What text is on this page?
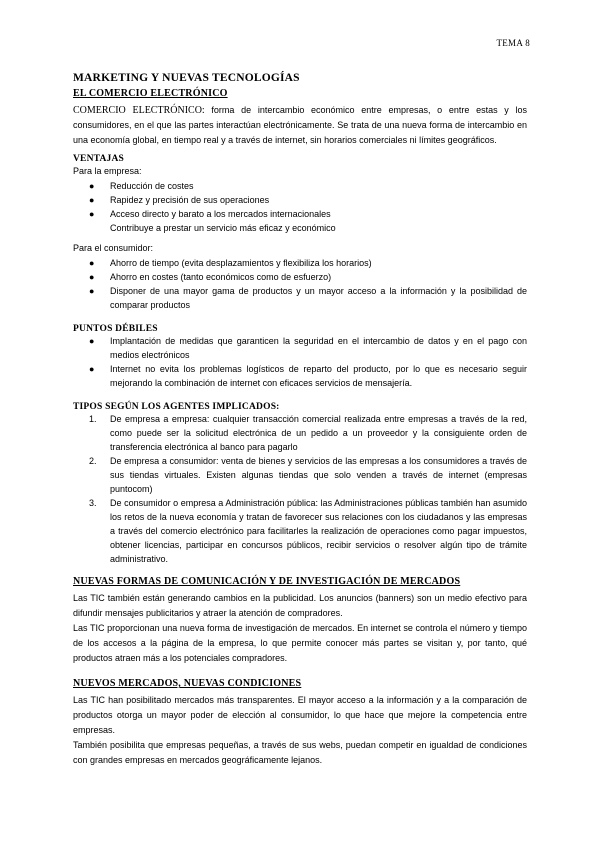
TEMA 8
MARKETING Y NUEVAS TECNOLOGÍAS
EL COMERCIO ELECTRÓNICO

COMERCIO ELECTRÓNICO: forma de intercambio económico entre empresas, o entre estas y los consumidores, en el que las partes interactúan electrónicamente. Se trata de una nueva forma de intercambio en una economía global, en tiempo real y a través de internet, sin horarios comerciales ni límites geográficos.

VENTAJAS

Para la empresa:

● Reducción de costes
● Rapidez y precisión de sus operaciones
● Acceso directo y barato a los mercados internacionales
Contribuye a prestar un servicio más eficaz y económico

Para el consumidor:

● Ahorro de tiempo (evita desplazamientos y flexibiliza los horarios)
● Ahorro en costes (tanto económicos como de esfuerzo)
● Disponer de una mayor gama de productos y un mayor acceso a la información y la posibilidad de comparar productos
PUNTOS DÉBILES
● Implantación de medidas que garanticen la seguridad en el intercambio de datos y en el pago con medios electrónicos
● Internet no evita los problemas logísticos de reparto del producto, por lo que es necesario seguir mejorando la combinación de internet con eficaces servicios de mensajería.
TIPOS SEGÚN LOS AGENTES IMPLICADOS:
1. De empresa a empresa: cualquier transacción comercial realizada entre empresas a través de la red, como puede ser la solicitud electrónica de un pedido a un proveedor y la consiguiente orden de transferencia electrónica al banco para pagarlo
2. De empresa a consumidor: venta de bienes y servicios de las empresas a los consumidores a través de sus tiendas virtuales. Existen algunas tiendas que solo venden a través de internet (empresas puntocom)
3. De consumidor o empresa a Administración pública: las Administraciones públicas también han asumido los retos de la nueva economía y tratan de favorecer sus relaciones con los ciudadanos y las empresas a través del comercio electrónico para facilitarles la realización de operaciones como pagar impuestos, obtener licencias, participar en concursos públicos, recibir servicios o resolver algún tipo de trámite administrativo.
NUEVAS FORMAS DE COMUNICACIÓN Y DE INVESTIGACIÓN DE MERCADOS

Las TIC también están generando cambios en la publicidad. Los anuncios (banners) son un medio efectivo para difundir mensajes publicitarios y atraer la atención de compradores.

Las TIC proporcionan una nueva forma de investigación de mercados. En internet se controla el número y tiempo de los accesos a la página de la empresa, lo que permite conocer más partes se visitan y, por tanto, qué productos atraen más a los potenciales compradores.

NUEVOS MERCADOS, NUEVAS CONDICIONES

Las TIC han posibilitado mercados más transparentes. El mayor acceso a la información y a la comparación de productos otorga un mayor poder de elección al consumidor, lo que hace que mejore la competencia entre empresas.

También posibilita que empresas pequeñas, a través de sus webs, puedan competir en igualdad de condiciones con grandes empresas en mercados geográficamente lejanos.
